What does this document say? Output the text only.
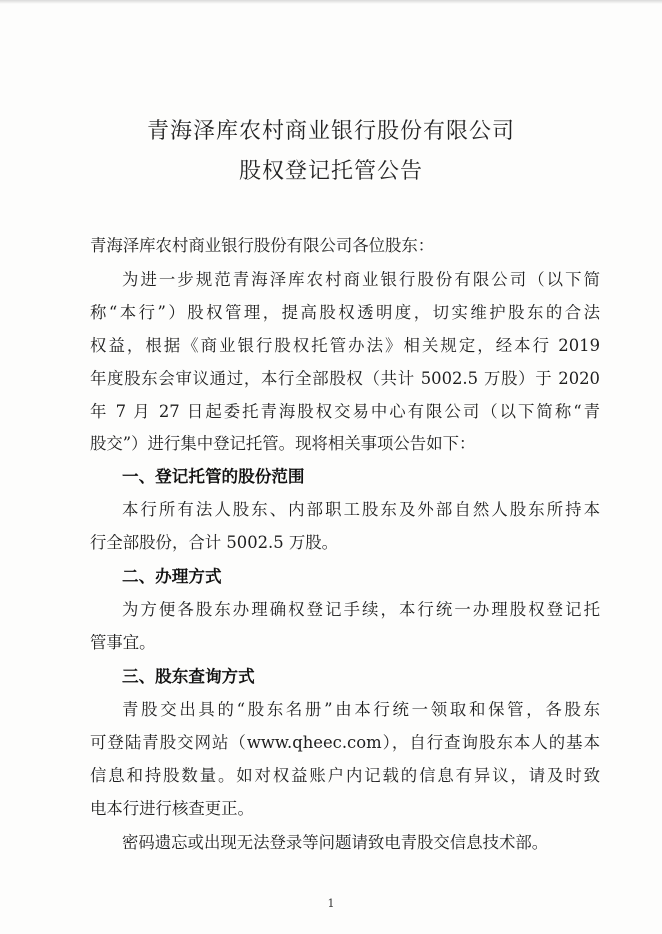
青海泽库农村商业银行股份有限公司
股权登记托管公告
青海泽库农村商业银行股份有限公司各位股东：
为进一步规范青海泽库农村商业银行股份有限公司（以下简
称“本行”）股权管理，提高股权透明度，切实维护股东的合法
权益，根据《商业银行股权托管办法》相关规定，经本行 2019
年度股东会审议通过，本行全部股权（共计 5002.5 万股）于 2020
年 7 月 27 日起委托青海股权交易中心有限公司（以下简称“青
股交”）进行集中登记托管。现将相关事项公告如下：
一、登记托管的股份范围
本行所有法人股东、内部职工股东及外部自然人股东所持本
行全部股份，合计 5002.5 万股。
二、办理方式
为方便各股东办理确权登记手续，本行统一办理股权登记托
管事宜。
三、股东查询方式
青股交出具的“股东名册”由本行统一领取和保管，各股东
可登陆青股交网站（www.qheec.com），自行查询股东本人的基本
信息和持股数量。如对权益账户内记载的信息有异议，请及时致
电本行进行核查更正。
密码遗忘或出现无法登录等问题请致电青股交信息技术部。
1
